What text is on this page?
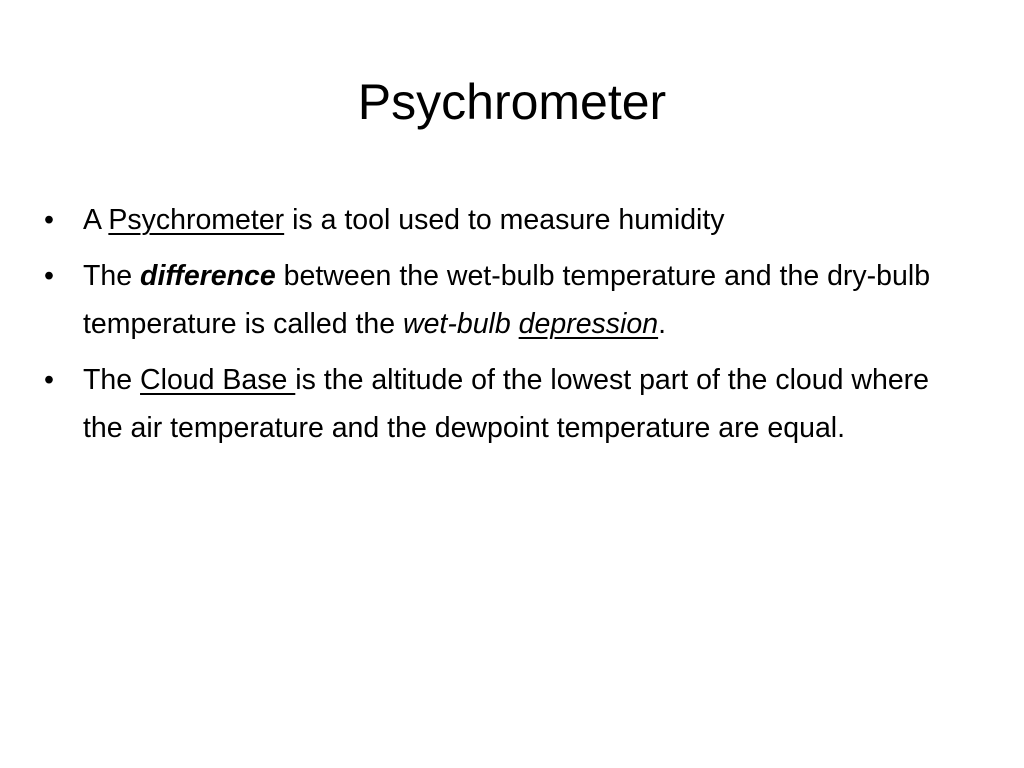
Psychrometer
•	A Psychrometer is a tool used to measure humidity
•	The difference between the wet-bulb temperature and the dry-bulb temperature is called the wet-bulb depression.
•	The Cloud Base is the altitude of the lowest part of the cloud where the air temperature and the dewpoint temperature are equal.
